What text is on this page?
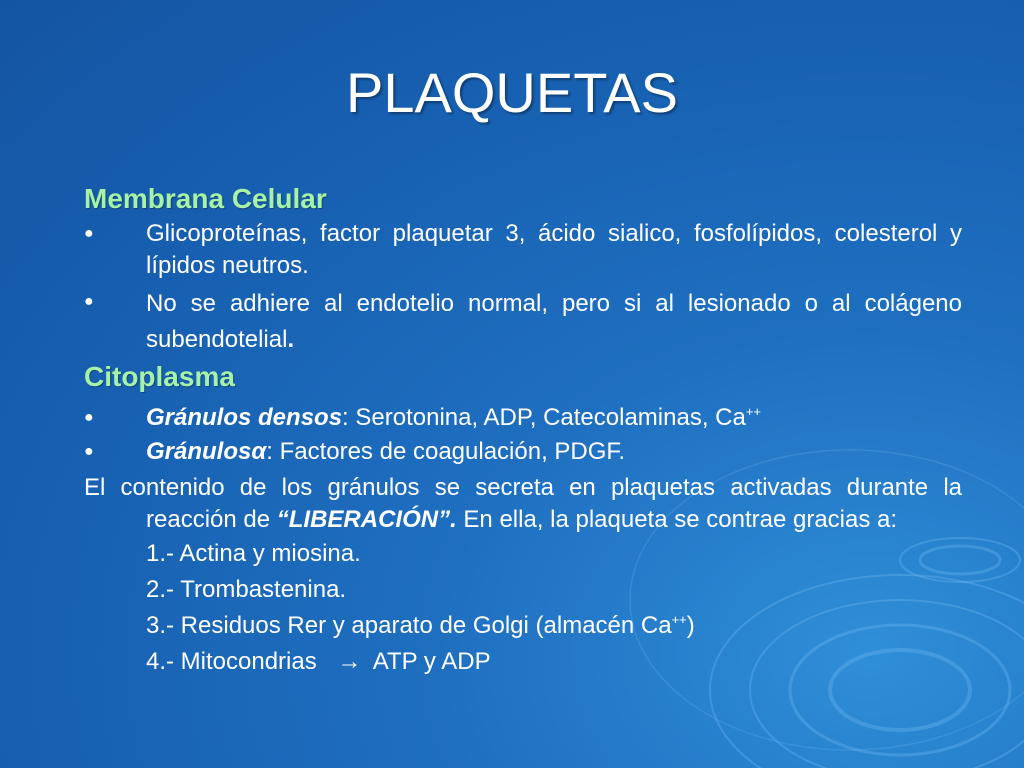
PLAQUETAS
Membrana Celular
● Glicoproteínas, factor plaquetar 3, ácido sialico, fosfolípidos, colesterol y lípidos neutros.
● No se adhiere al endotelio normal, pero si al lesionado o al colágeno subendotelial.
Citoplasma
● Gránulos densos: Serotonina, ADP, Catecolaminas, Ca++
● Gránulosα: Factores de coagulación, PDGF.
El contenido de los gránulos se secreta en plaquetas activadas durante la reacción de “LIBERACIÓN”. En ella, la plaqueta se contrae gracias a:
1.- Actina y miosina.
2.- Trombastenina.
3.- Residuos Rer y aparato de Golgi (almacén Ca++)
4.- Mitocondrias → ATP y ADP
